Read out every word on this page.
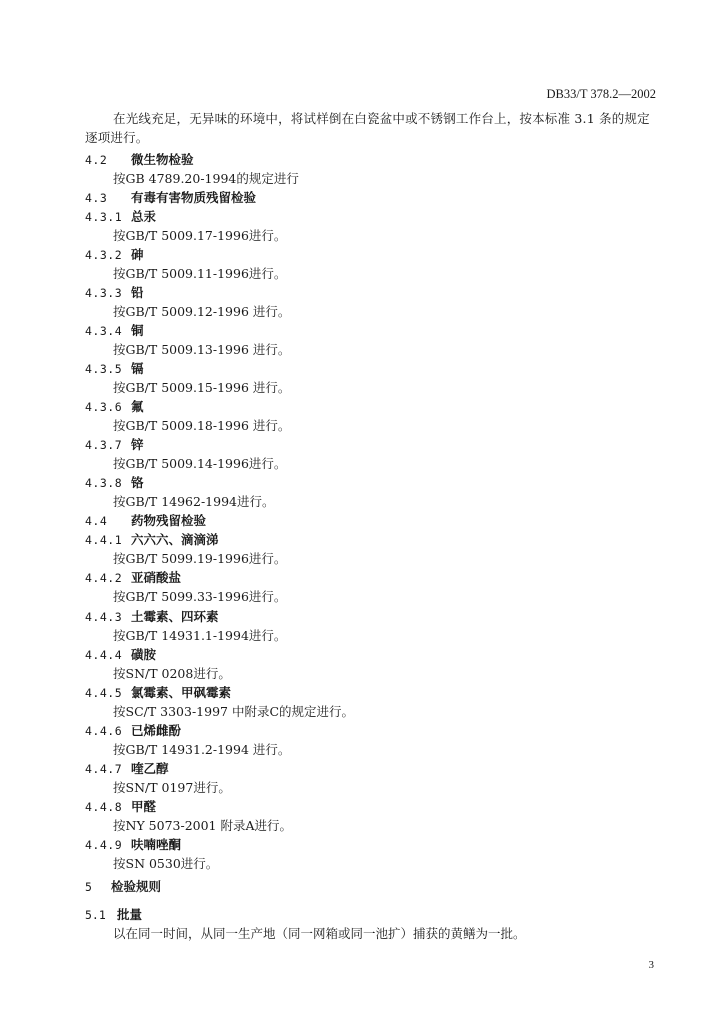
DB33/T 378.2—2002

在光线充足，无异味的环境中，将试样倒在白瓷盆中或不锈钢工作台上，按本标准 3.1 条的规定逐项进行。

4.2 微生物检验
按GB 4789.20-1994的规定进行
4.3 有毒有害物质残留检验
4.3.1 总汞
按GB/T 5009.17-1996进行。
4.3.2 砷
按GB/T 5009.11-1996进行。
4.3.3 铅
按GB/T 5009.12-1996 进行。
4.3.4 铜
按GB/T 5009.13-1996 进行。
4.3.5 镉
按GB/T 5009.15-1996 进行。
4.3.6 氟
按GB/T 5009.18-1996 进行。
4.3.7 锌
按GB/T 5009.14-1996进行。
4.3.8 铬
按GB/T 14962-1994进行。
4.4 药物残留检验
4.4.1 六六六、滴滴涕
按GB/T 5099.19-1996进行。
4.4.2 亚硝酸盐
按GB/T 5099.33-1996进行。
4.4.3 土霉素、四环素
按GB/T 14931.1-1994进行。
4.4.4 磺胺
按SN/T 0208进行。
4.4.5 氯霉素、甲砜霉素
按SC/T 3303-1997 中附录C的规定进行。
4.4.6 已烯雌酚
按GB/T 14931.2-1994 进行。
4.4.7 喹乙醇
按SN/T 0197进行。
4.4.8 甲醛
按NY 5073-2001 附录A进行。
4.4.9 呋喃唑酮
按SN 0530进行。
5 检验规则
5.1 批量
以在同一时间，从同一生产地（同一网箱或同一池扩）捕获的黄鳝为一批。
3
